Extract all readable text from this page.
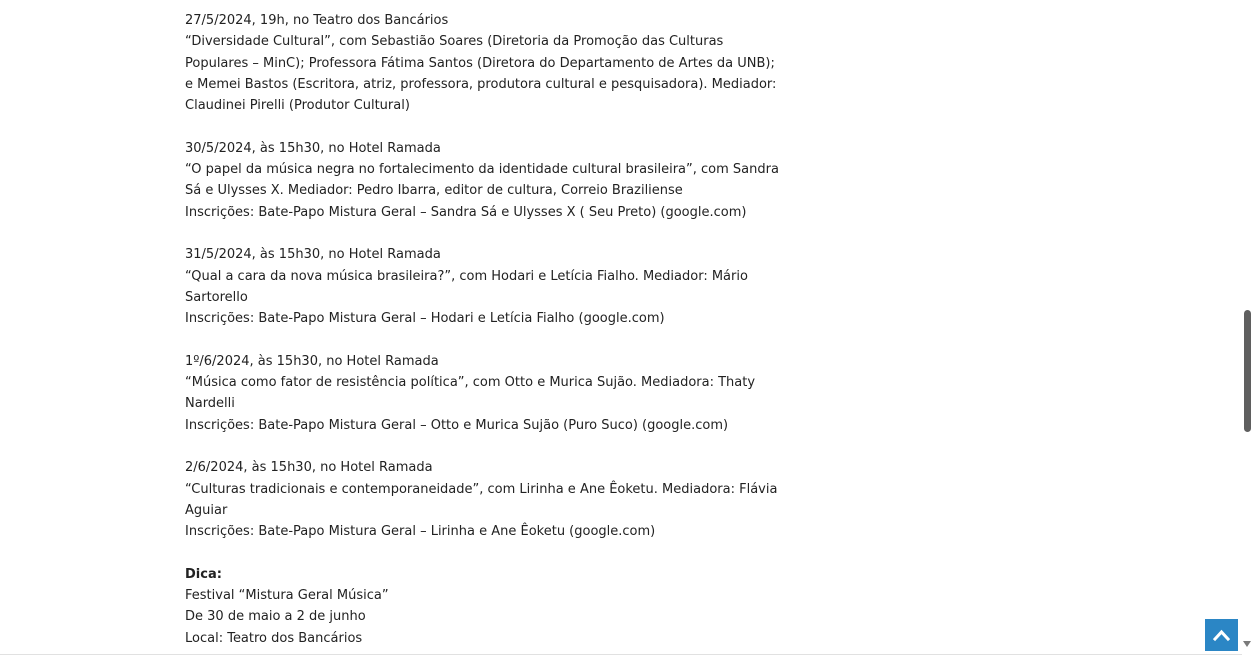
27/5/2024, 19h, no Teatro dos Bancários
“Diversidade Cultural”, com Sebastião Soares (Diretoria da Promoção das Culturas
Populares – MinC); Professora Fátima Santos (Diretora do Departamento de Artes da UNB);
e Memei Bastos (Escritora, atriz, professora, produtora cultural e pesquisadora). Mediador:
Claudinei Pirelli (Produtor Cultural)
30/5/2024, às 15h30, no Hotel Ramada
“O papel da música negra no fortalecimento da identidade cultural brasileira”, com Sandra
Sá e Ulysses X. Mediador: Pedro Ibarra, editor de cultura, Correio Braziliense
Inscrições: Bate-Papo Mistura Geral – Sandra Sá e Ulysses X ( Seu Preto) (google.com)
31/5/2024, às 15h30, no Hotel Ramada
“Qual a cara da nova música brasileira?”, com Hodari e Letícia Fialho. Mediador: Mário
Sartorello
Inscrições: Bate-Papo Mistura Geral – Hodari e Letícia Fialho (google.com)
1º/6/2024, às 15h30, no Hotel Ramada
“Música como fator de resistência política”, com Otto e Murica Sujão. Mediadora: Thaty
Nardelli
Inscrições: Bate-Papo Mistura Geral – Otto e Murica Sujão (Puro Suco) (google.com)
2/6/2024, às 15h30, no Hotel Ramada
“Culturas tradicionais e contemporaneidade”, com Lirinha e Ane Êoketu. Mediadora: Flávia
Aguiar
Inscrições: Bate-Papo Mistura Geral – Lirinha e Ane Êoketu (google.com)
Dica:
Festival “Mistura Geral Música”
De 30 de maio a 2 de junho
Local: Teatro dos Bancários
